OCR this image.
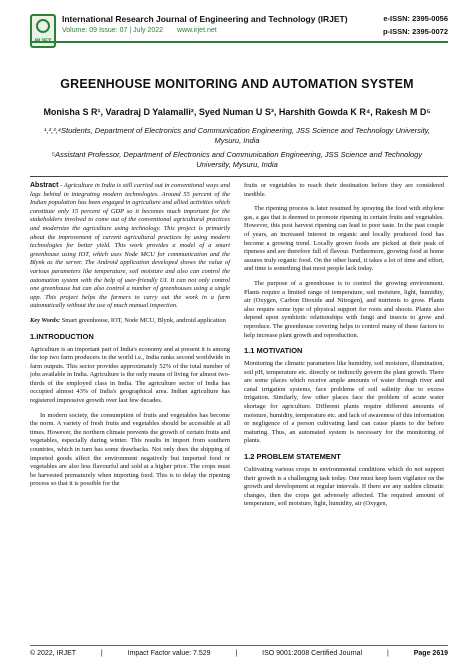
International Research Journal of Engineering and Technology (IRJET)
Volume: 09 Issue: 07 | July 2022 www.irjet.net
e-ISSN: 2395-0056
p-ISSN: 2395-0072
GREENHOUSE MONITORING AND AUTOMATION SYSTEM
Monisha S R¹, Varadraj D Yalamalli², Syed Numan U S³, Harshith Gowda K R⁴, Rakesh M D⁵
¹,²,³,⁴Students, Department of Electronics and Communication Engineering, JSS Science and Technology University, Mysuru, India
⁵Assistant Professor, Department of Electronics and Communication Engineering, JSS Science and Technology University, Mysuru, India

Abstract - Agriculture in India is still carried out in conventional ways and lags behind in integrating modern technologies. Around 55 percent of the Indian population has been engaged in agriculture and allied activities which constitute only 15 percent of GDP so it becomes much important for the stakeholders involved to come out of the conventional agricultural practices and modernize the agriculture using technology. This project is primarily about the improvement of current agricultural practices by using modern technologies for better yield. This work provides a model of a smart greenhouse using IOT, which uses Node MCU for communication and the Blynk as the server. The Android application developed shows the value of various parameters like temperature, soil moisture and also can control the automation system with the help of user-friendly UI. It can not only control one greenhouse but can also control a number of greenhouses using a single app. This project helps the farmers to carry out the work in a farm automatically without the use of much manual inspection.

Key Words: Smart greenhouse, IOT, Node MCU, Blynk, android application

1.INTRODUCTION

Agriculture is an important part of India's economy and at present it is among the top two farm producers in the world i.e., India ranks second worldwide in farm outputs. This sector provides approximately 52% of the total number of jobs available in India. Agriculture is the only means of living for almost two-thirds of the employed class in India. The agriculture sector of India has occupied almost 43% of India's geographical area. Indian agriculture has registered impressive growth over last few decades.

In modern society, the consumption of fruits and vegetables has become the norm. A variety of fresh fruits and vegetables should be accessible at all times. However, the northern climate prevents the growth of certain fruits and vegetables, especially during winter. This results in import from southern countries, which in turn has some drawbacks. Not only does the shipping of imported goods affect the environment negatively but imported food or vegetables are also less flavourful and sold at a higher price. The crops must be harvested prematurely when importing food. This is to delay the ripening process so that it is possible for the

fruits or vegetables to reach their destination before they are considered inedible.

The ripening process is later resumed by spraying the food with ethylene gas, a gas that is deemed to promote ripening in certain fruits and vegetables. However, this post harvest ripening can lead to poor taste. In the past couple of years, an increased interest in organic and locally produced food has become a growing trend. Locally grown foods are picked at their peak of ripeness and are therefore full of flavour. Furthermore, growing food at home assures truly organic food. On the other hand, it takes a lot of time and effort, and time is something that most people lack today.

The purpose of a greenhouse is to control the growing environment. Plants require a limited range of temperature, soil moisture, light, humidity, air (Oxygen, Carbon Dioxide and Nitrogen), and nutrients to grow. Plants also require some type of physical support for roots and shoots. Plants also depend upon symbiotic relationships with fungi and insects to grow and reproduce. The greenhouse covering helps to control many of these factors to help increase plant growth and reproduction.

1.1 MOTIVATION

Monitoring the climatic parameters like humidity, soil moisture, illumination, soil pH, temperature etc. directly or indirectly govern the plant growth. There are some places which receive ample amounts of water through river and canal irrigation systems, face problems of soil salinity due to excess irrigation. Similarly, few other places face the problem of acute water shortage for agriculture. Different plants require different amounts of moisture, humidity, temperature etc. and lack of awareness of this information or negligence of a person cultivating land can cause plants to die before maturing. Thus, an automated system is necessary for the monitoring of plants.

1.2 PROBLEM STATEMENT

Cultivating various crops in environmental conditions which do not support their growth is a challenging task today. One must keep keen vigilance on the growth and development at regular intervals. If there are any sudden climatic changes, then the crops get adversely affected. The required amount of temperature, soil moisture, light, humidity, air (Oxygen,

© 2022, IRJET	|	Impact Factor value: 7.529	|	ISO 9001:2008 Certified Journal	|	Page 2619
